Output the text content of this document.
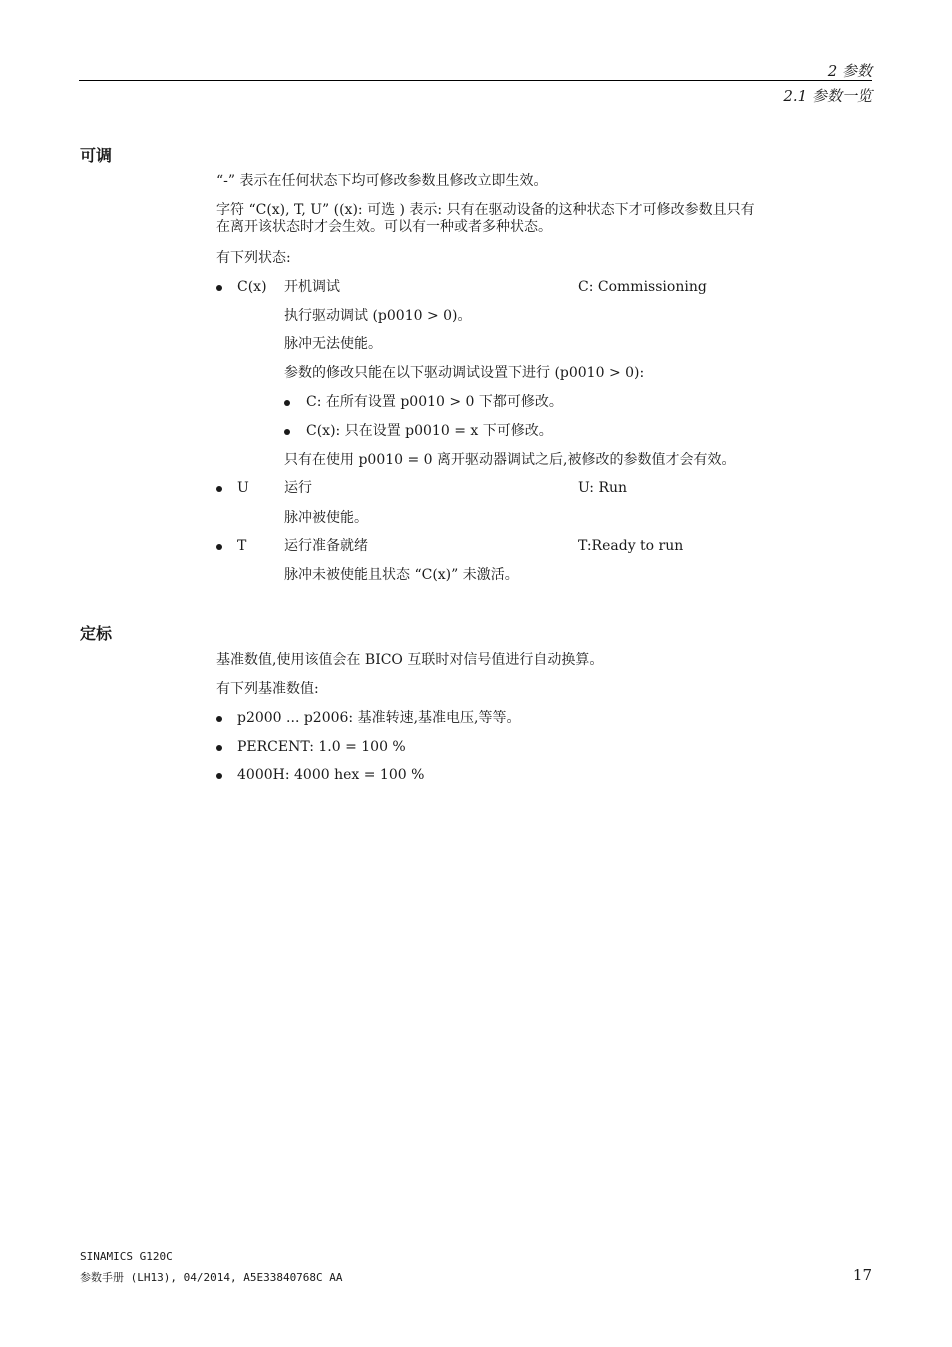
2 参数
2.1 参数一览
可调
“-” 表示在任何状态下均可修改参数且修改立即生效。
字符 “C(x), T, U” ((x): 可选 ) 表示: 只有在驱动设备的这种状态下才可修改参数且只有
在离开该状态时才会生效。可以有一种或者多种状态。
有下列状态:
C(x) 开机调试	C: Commissioning
执行驱动调试 (p0010 > 0)。
脉冲无法使能。
参数的修改只能在以下驱动调试设置下进行 (p0010 > 0):
C: 在所有设置 p0010 > 0 下都可修改。
C(x): 只在设置 p0010 = x 下可修改。
只有在使用 p0010 = 0 离开驱动器调试之后,被修改的参数值才会有效。
U	运行	U: Run
脉冲被使能。
T	运行准备就绪	T:Ready to run
脉冲未被使能且状态 “C(x)” 未激活。
定标
基准数值,使用该值会在 BICO 互联时对信号值进行自动换算。
有下列基准数值:
p2000 ... p2006: 基准转速,基准电压,等等。
PERCENT: 1.0 = 100 %
4000H: 4000 hex = 100 %
SINAMICS G120C
参数手册 (LH13), 04/2014, A5E33840768C AA	17
